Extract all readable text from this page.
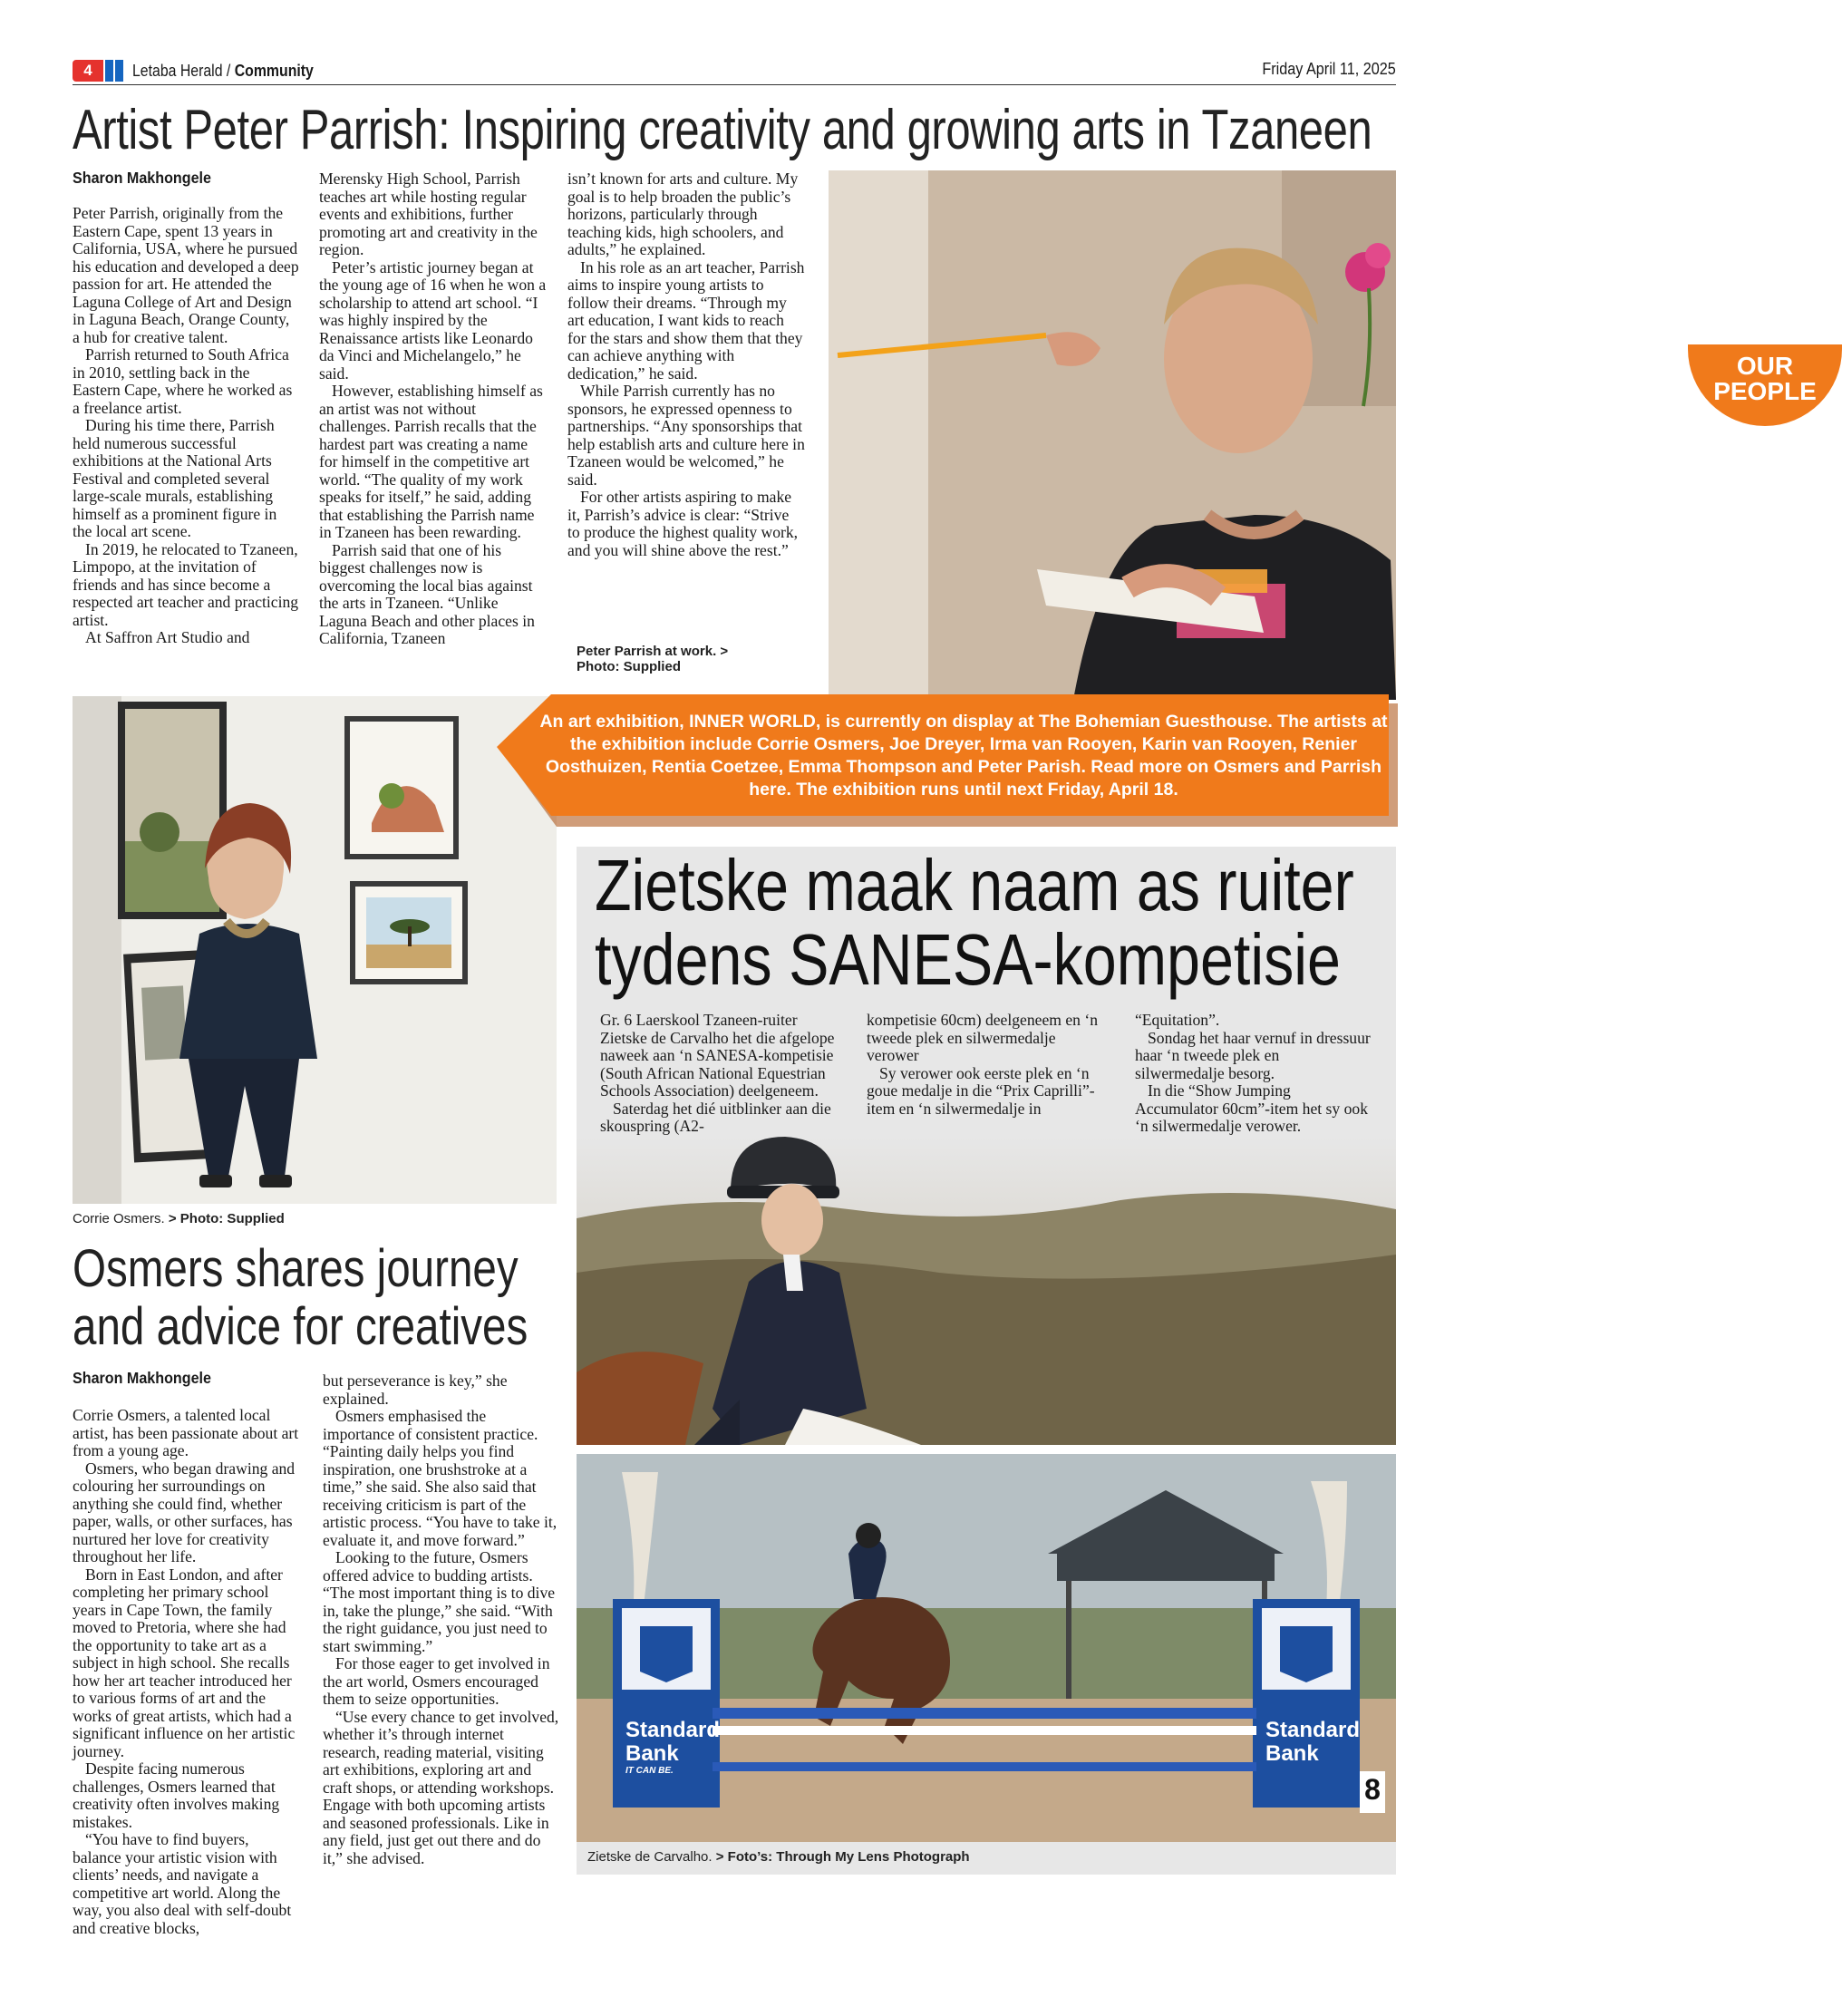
4	Letaba Herald / Community	Friday April 11, 2025
Artist Peter Parrish: Inspiring creativity and growing arts in Tzaneen
Sharon Makhongele

Peter Parrish, originally from the Eastern Cape, spent 13 years in California, USA, where he pursued his education and developed a deep passion for art. He attended the Laguna College of Art and Design in Laguna Beach, Orange County, a hub for creative talent.

Parrish returned to South Africa in 2010, settling back in the Eastern Cape, where he worked as a freelance artist.

During his time there, Parrish held numerous successful exhibitions at the National Arts Festival and completed several large-scale murals, establishing himself as a prominent figure in the local art scene.

In 2019, he relocated to Tzaneen, Limpopo, at the invitation of friends and has since become a respected art teacher and practicing artist.

At Saffron Art Studio and

Merensky High School, Parrish teaches art while hosting regular events and exhibitions, further promoting art and creativity in the region.

Peter’s artistic journey began at the young age of 16 when he won a scholarship to attend art school. “I was highly inspired by the Renaissance artists like Leonardo da Vinci and Michelangelo,” he said.

However, establishing himself as an artist was not without challenges. Parrish recalls that the hardest part was creating a name for himself in the competitive art world. “The quality of my work speaks for itself,” he said, adding that establishing the Parrish name in Tzaneen has been rewarding.

Parrish said that one of his biggest challenges now is overcoming the local bias against the arts in Tzaneen. “Unlike Laguna Beach and other places in California, Tzaneen

isn’t known for arts and culture. My goal is to help broaden the public’s horizons, particularly through teaching kids, high schoolers, and adults,” he explained.

In his role as an art teacher, Parrish aims to inspire young artists to follow their dreams. “Through my art education, I want kids to reach for the stars and show them that they can achieve anything with dedication,” he said.

While Parrish currently has no sponsors, he expressed openness to partnerships. “Any sponsorships that help establish arts and culture here in Tzaneen would be welcomed,” he said.

For other artists aspiring to make it, Parrish’s advice is clear: “Strive to produce the highest quality work, and you will shine above the rest.”

Peter Parrish at work. >
Photo: Supplied
OUR
PEOPLE
An art exhibition, INNER WORLD, is currently on display at The Bohemian Guesthouse. The artists at the exhibition include Corrie Osmers, Joe Dreyer, Irma van Rooyen, Karin van Rooyen, Renier Oosthuizen, Rentia Coetzee, Emma Thompson and Peter Parish. Read more on Osmers and Parrish here. The exhibition runs until next Friday, April 18.
Corrie Osmers. > Photo: Supplied
Osmers shares journey and advice for creatives
Sharon Makhongele

Corrie Osmers, a talented local artist, has been passionate about art from a young age.

Osmers, who began drawing and colouring her surroundings on anything she could find, whether paper, walls, or other surfaces, has nurtured her love for creativity throughout her life.

Born in East London, and after completing her primary school years in Cape Town, the family moved to Pretoria, where she had the opportunity to take art as a subject in high school. She recalls how her art teacher introduced her to various forms of art and the works of great artists, which had a significant influence on her artistic journey.

Despite facing numerous challenges, Osmers learned that creativity often involves making mistakes.

“You have to find buyers, balance your artistic vision with clients’ needs, and navigate a competitive art world. Along the way, you also deal with self-doubt and creative blocks,

but perseverance is key,” she explained.

Osmers emphasised the importance of consistent practice. “Painting daily helps you find inspiration, one brushstroke at a time,” she said. She also said that receiving criticism is part of the artistic process. “You have to take it, evaluate it, and move forward.”

Looking to the future, Osmers offered advice to budding artists. “The most important thing is to dive in, take the plunge,” she said. “With the right guidance, you just need to start swimming.”

For those eager to get involved in the art world, Osmers encouraged them to seize opportunities.

“Use every chance to get involved, whether it’s through internet research, reading material, visiting art exhibitions, exploring art and craft shops, or attending workshops. Engage with both upcoming artists and seasoned professionals. Like in any field, just get out there and do it,” she advised.

Zietske maak naam as ruiter tydens SANESA-kompetisie

Gr. 6 Laerskool Tzaneen-ruiter Zietske de Carvalho het die afgelope naweek aan ‘n SANESA-kompetisie (South African National Equestrian Schools Association) deelgeneem.

Saterdag het dié uitblinker aan die skouspring (A2-

kompetisie 60cm) deelgeneem en ‘n tweede plek en silwermedalje verower

Sy verower ook eerste plek en ‘n goue medalje in die “Prix Caprilli”-item en ‘n silwermedalje in

“Equitation”.

Sondag het haar vernuf in dressuur haar ‘n tweede plek en silwermedalje besorg.

In die “Show Jumping Accumulator 60cm”-item het sy ook ‘n silwermedalje verower.

Standard
Bank
IT CAN BE.
Standard
Bank
8
Zietske de Carvalho. > Foto’s: Through My Lens Photograph
